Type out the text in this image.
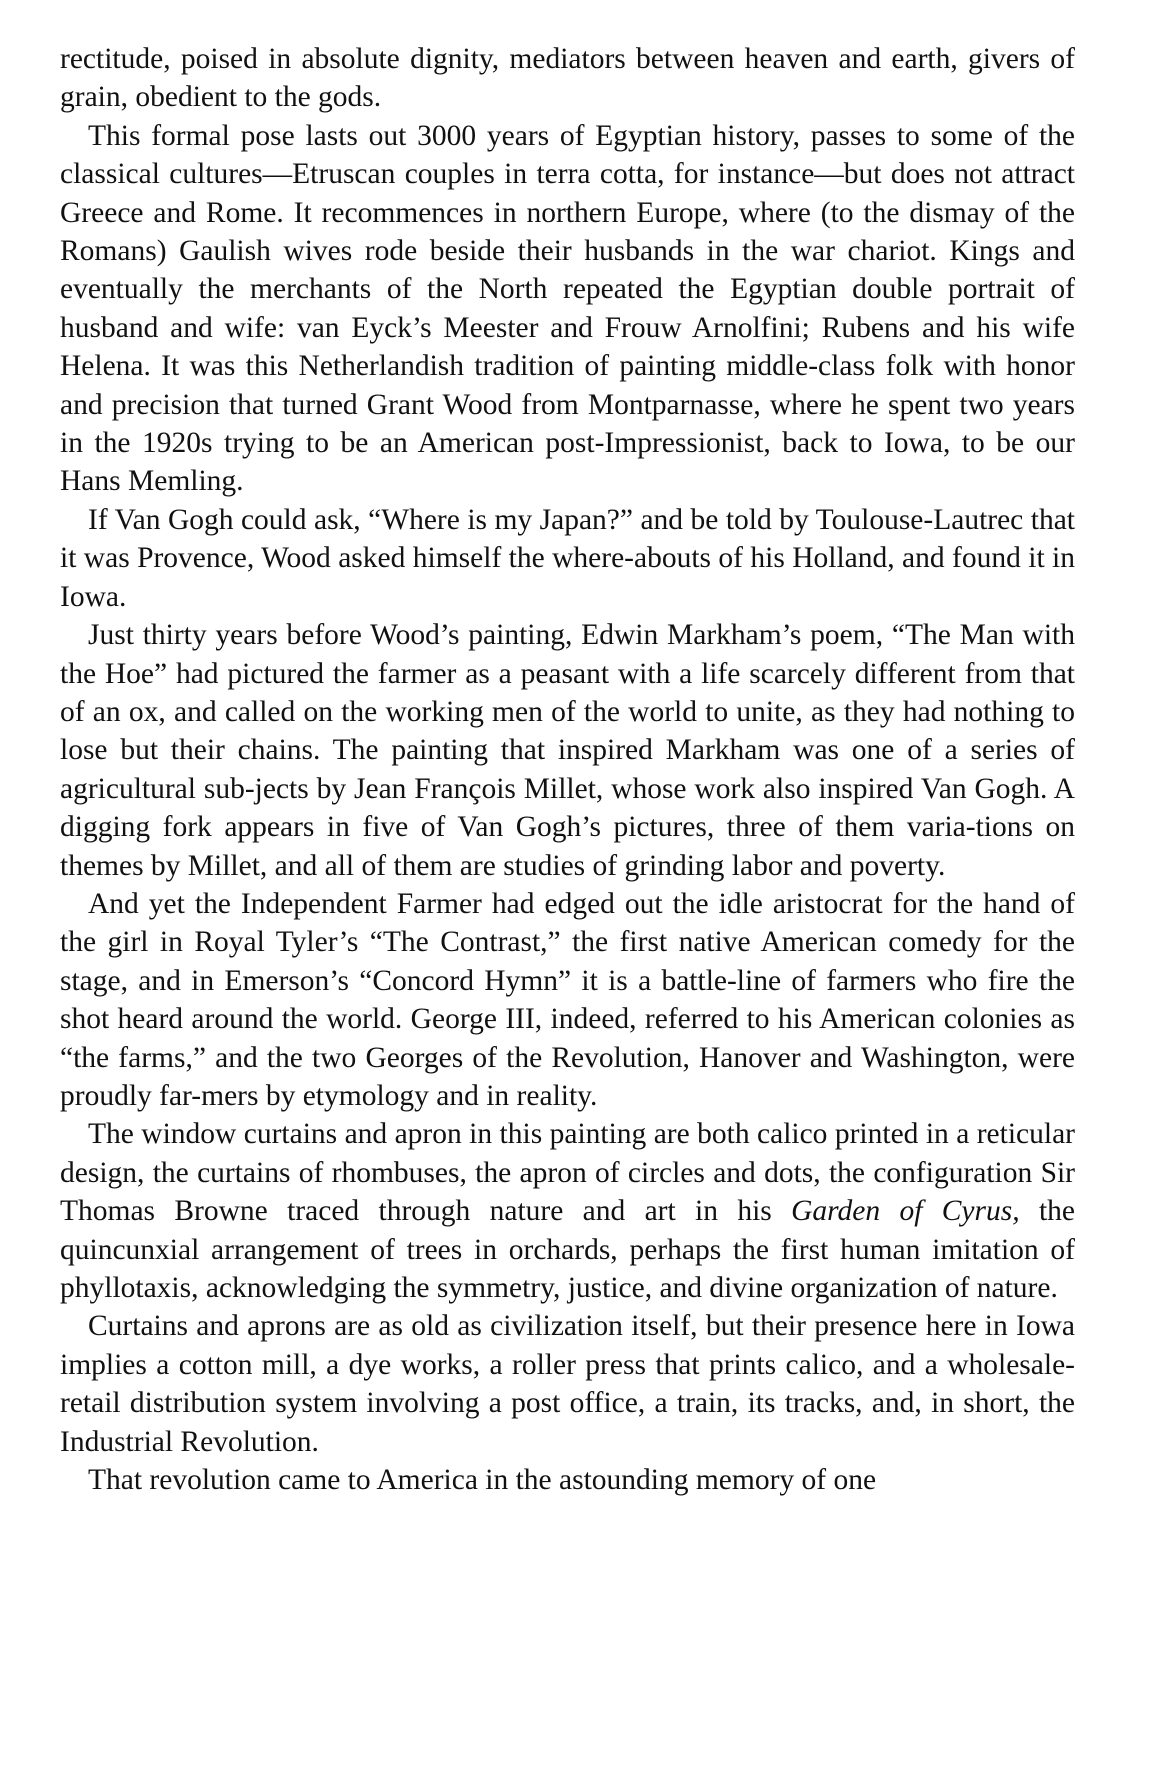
rectitude, poised in absolute dignity, mediators between heaven and earth, givers of grain, obedient to the gods.

This formal pose lasts out 3000 years of Egyptian history, passes to some of the classical cultures—Etruscan couples in terra cotta, for instance—but does not attract Greece and Rome. It recommences in northern Europe, where (to the dismay of the Romans) Gaulish wives rode beside their husbands in the war chariot. Kings and eventually the merchants of the North repeated the Egyptian double portrait of husband and wife: van Eyck’s Meester and Frouw Arnolfini; Rubens and his wife Helena. It was this Netherlandish tradition of painting middle-class folk with honor and precision that turned Grant Wood from Montparnasse, where he spent two years in the 1920s trying to be an American post-Impressionist, back to Iowa, to be our Hans Memling.

If Van Gogh could ask, “Where is my Japan?” and be told by Toulouse-Lautrec that it was Provence, Wood asked himself the where-abouts of his Holland, and found it in Iowa.

Just thirty years before Wood’s painting, Edwin Markham’s poem, “The Man with the Hoe” had pictured the farmer as a peasant with a life scarcely different from that of an ox, and called on the working men of the world to unite, as they had nothing to lose but their chains. The painting that inspired Markham was one of a series of agricultural sub-jects by Jean François Millet, whose work also inspired Van Gogh. A digging fork appears in five of Van Gogh’s pictures, three of them varia-tions on themes by Millet, and all of them are studies of grinding labor and poverty.

And yet the Independent Farmer had edged out the idle aristocrat for the hand of the girl in Royal Tyler’s “The Contrast,” the first native American comedy for the stage, and in Emerson’s “Concord Hymn” it is a battle-line of farmers who fire the shot heard around the world. George III, indeed, referred to his American colonies as “the farms,” and the two Georges of the Revolution, Hanover and Washington, were proudly far-mers by etymology and in reality.

The window curtains and apron in this painting are both calico printed in a reticular design, the curtains of rhombuses, the apron of circles and dots, the configuration Sir Thomas Browne traced through nature and art in his Garden of Cyrus, the quincunxial arrangement of trees in orchards, perhaps the first human imitation of phyllotaxis, acknowledging the symmetry, justice, and divine organization of nature.

Curtains and aprons are as old as civilization itself, but their presence here in Iowa implies a cotton mill, a dye works, a roller press that prints calico, and a wholesale-retail distribution system involving a post office, a train, its tracks, and, in short, the Industrial Revolution.

That revolution came to America in the astounding memory of one
